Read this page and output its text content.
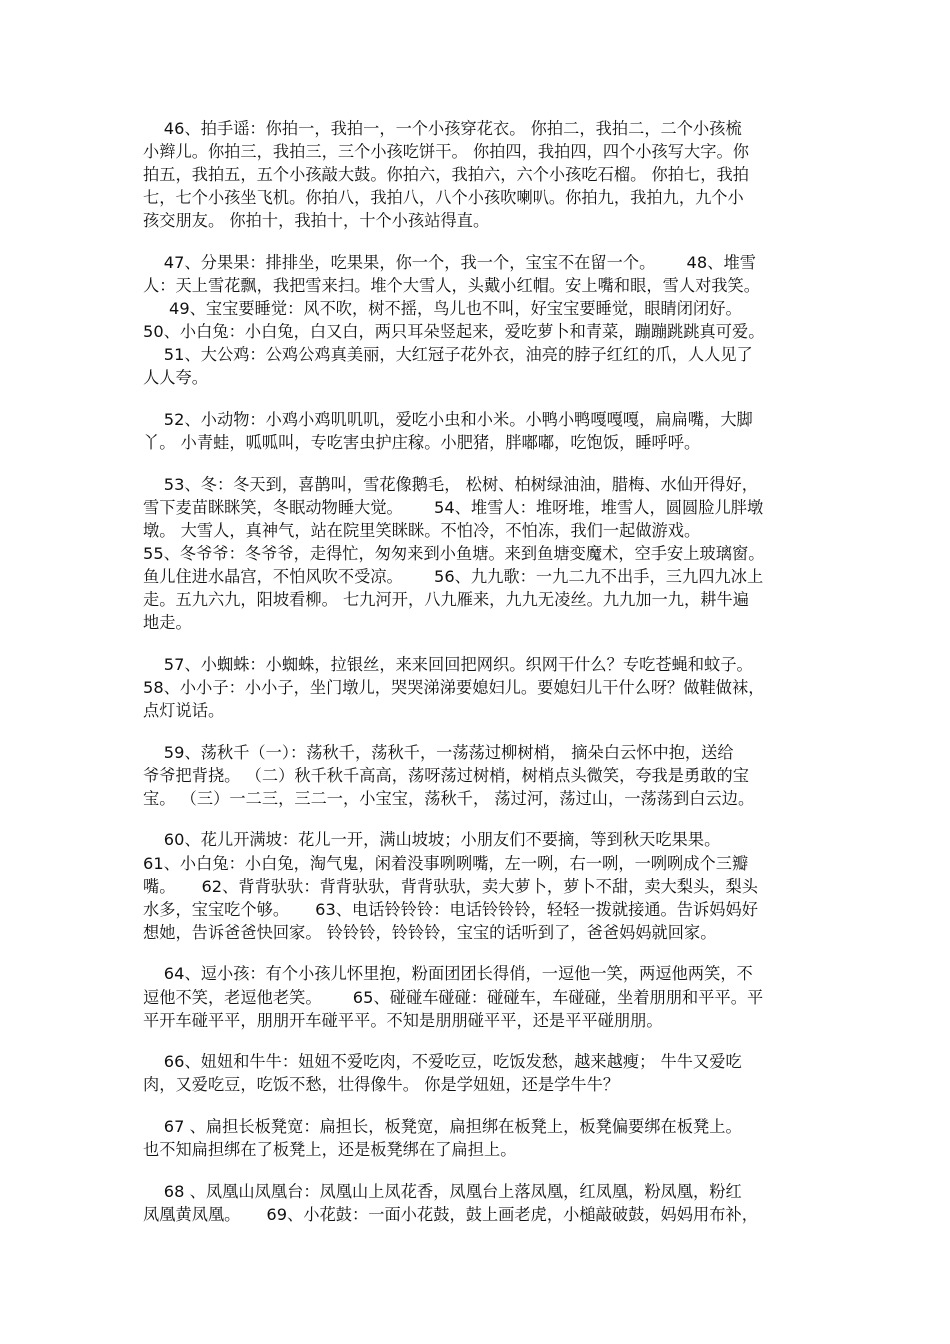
46、拍手谣：你拍一，我拍一，一个小孩穿花衣。 你拍二，我拍二，二个小孩梳
小辫儿。你拍三，我拍三，三个小孩吃饼干。 你拍四，我拍四，四个小孩写大字。你
拍五，我拍五，五个小孩敲大鼓。你拍六，我拍六，六个小孩吃石榴。 你拍七，我拍
七，七个小孩坐飞机。你拍八，我拍八，八个小孩吹喇叭。你拍九，我拍九，九个小
孩交朋友。 你拍十，我拍十，十个小孩站得直。

47、分果果：排排坐，吃果果，你一个，我一个，宝宝不在留一个。      48、堆雪
人：天上雪花飘，我把雪来扫。堆个大雪人，头戴小红帽。安上嘴和眼，雪人对我笑。
49、宝宝要睡觉：风不吹，树不摇，鸟儿也不叫，好宝宝要睡觉，眼睛闭闭好。
50、小白兔：小白兔，白又白，两只耳朵竖起来，爱吃萝卜和青菜，蹦蹦跳跳真可爱。
51、大公鸡：公鸡公鸡真美丽，大红冠子花外衣，油亮的脖子红红的爪，人人见了
人人夸。

52、小动物：小鸡小鸡叽叽叽，爱吃小虫和小米。小鸭小鸭嘎嘎嘎，扁扁嘴，大脚
丫。 小青蛙，呱呱叫，专吃害虫护庄稼。小肥猪，胖嘟嘟，吃饱饭，睡呼呼。

53、冬：冬天到，喜鹊叫，雪花像鹅毛， 松树、柏树绿油油，腊梅、水仙开得好，
雪下麦苗眯眯笑，冬眠动物睡大觉。      54、堆雪人：堆呀堆，堆雪人，圆圆脸儿胖墩
墩。 大雪人，真神气，站在院里笑眯眯。不怕冷，不怕冻，我们一起做游戏。
55、冬爷爷：冬爷爷，走得忙，匆匆来到小鱼塘。来到鱼塘变魔术，空手安上玻璃窗。
鱼儿住进水晶宫，不怕风吹不受凉。      56、九九歌：一九二九不出手，三九四九冰上
走。五九六九，阳坡看柳。 七九河开，八九雁来，九九无凌丝。九九加一九，耕牛遍
地走。

57、小蜘蛛：小蜘蛛，拉银丝，来来回回把网织。织网干什么？专吃苍蝇和蚊子。
58、小小子：小小子，坐门墩儿，哭哭涕涕要媳妇儿。要媳妇儿干什么呀？做鞋做袜，
点灯说话。

59、荡秋千（一）：荡秋千，荡秋千，一荡荡过柳树梢， 摘朵白云怀中抱，送给
爷爷把背挠。 （二）秋千秋千高高，荡呀荡过树梢，树梢点头微笑，夸我是勇敢的宝
宝。 （三）一二三，三二一，小宝宝，荡秋千， 荡过河，荡过山，一荡荡到白云边。

60、花儿开满坡：花儿一开，满山坡坡；小朋友们不要摘，等到秋天吃果果。
61、小白兔：小白兔，淘气鬼，闲着没事咧咧嘴，左一咧，右一咧，一咧咧成个三瓣
嘴。     62、背背驮驮：背背驮驮，背背驮驮，卖大萝卜，萝卜不甜，卖大梨头，梨头
水多，宝宝吃个够。     63、电话铃铃铃：电话铃铃铃，轻轻一拨就接通。告诉妈妈好
想她，告诉爸爸快回家。 铃铃铃，铃铃铃，宝宝的话听到了，爸爸妈妈就回家。

64、逗小孩：有个小孩儿怀里抱，粉面团团长得俏，一逗他一笑，两逗他两笑，不
逗他不笑，老逗他老笑。      65、碰碰车碰碰：碰碰车，车碰碰，坐着朋朋和平平。平
平开车碰平平，朋朋开车碰平平。不知是朋朋碰平平，还是平平碰朋朋。

66、妞妞和牛牛：妞妞不爱吃肉，不爱吃豆，吃饭发愁，越来越瘦； 牛牛又爱吃
肉，又爱吃豆，吃饭不愁，壮得像牛。 你是学妞妞，还是学牛牛？

67 、扁担长板凳宽：扁担长，板凳宽，扁担绑在板凳上，板凳偏要绑在板凳上。
也不知扁担绑在了板凳上，还是板凳绑在了扁担上。

68 、凤凰山凤凰台：凤凰山上凤花香，凤凰台上落凤凰，红凤凰，粉凤凰，粉红
凤凰黄凤凰。     69、小花鼓：一面小花鼓，鼓上画老虎，小槌敲破鼓，妈妈用布补，
